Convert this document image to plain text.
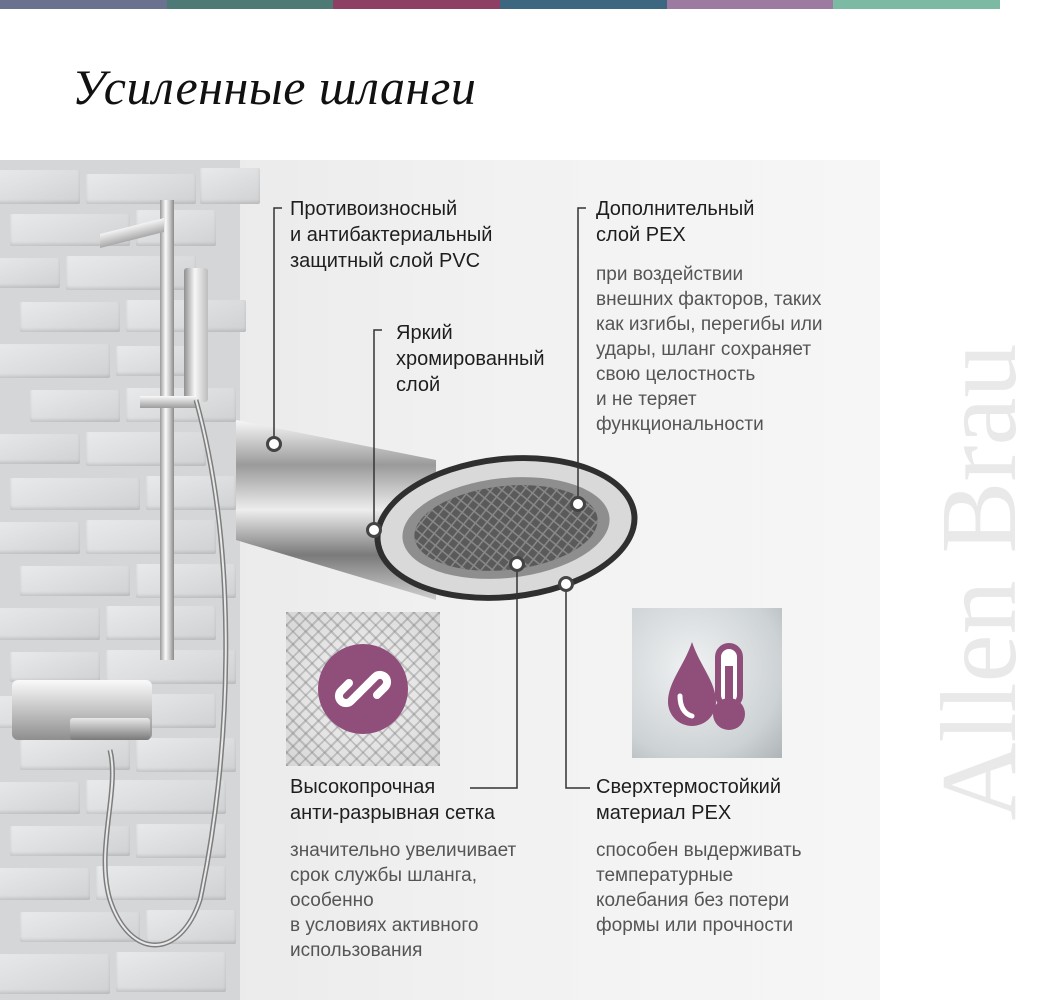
Усиленные шланги
Allen Brau
Противоизносный
и антибактериальный
защитный слой PVC
Яркий
хромированный
слой
Дополнительный
слой PEX
при воздействии
внешних факторов, таких
как изгибы, перегибы или
удары, шланг сохраняет
свою целостность
и не теряет
функциональности
Высокопрочная
анти-разрывная сетка
значительно увеличивает
срок службы шланга,
особенно
в условиях активного
использования
Сверхтермостойкий
материал PEX
способен выдерживать
температурные
колебания без потери
формы или прочности
